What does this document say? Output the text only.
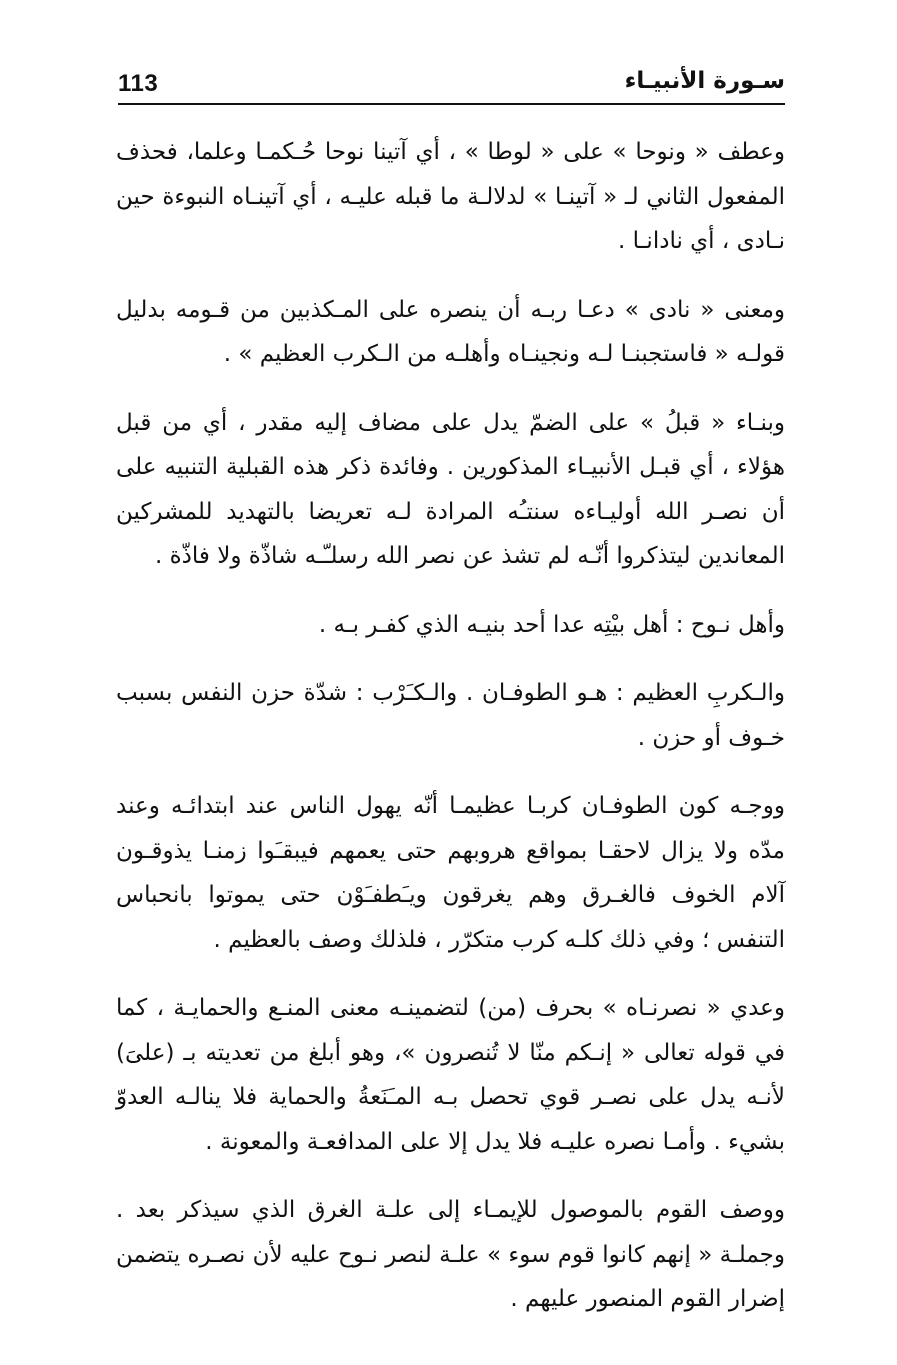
113	سـورة الأنبيـاء

وعطف « ونوحا » على « لوطا » ، أي آتينا نوحا حُـكمـا وعلما، فحذف المفعول الثاني لـ « آتينـا » لدلالـة ما قبله عليـه ، أي آتينـاه النبوءة حين نـادى ، أي نادانـا .

ومعنى « نادى » دعـا ربـه أن ينصره على المـكذبين من قـومه بدليل قولـه « فاستجبنـا لـه ونجينـاه وأهلـه من الـكرب العظيم » .

وبنـاء « قبلُ » على الضمّ يدل على مضاف إليه مقدر ، أي من قبل هؤلاء ، أي قبـل الأنبيـاء المذكورين . وفائدة ذكر هذه القبلية التنبيه على أن نصـر الله أوليـاءه سنتـُه المرادة لـه تعريضا بالتهديد للمشركين المعاندين ليتذكروا أنّـه لم تشذ عن نصر الله رسلـّـه شاذّة ولا فاذّة .

وأهل نـوح : أهل بيْتِه عدا أحد بنيـه الذي كفـر بـه .

والـكربِ العظيم : هـو الطوفـان . والـكـَرْب : شدّة حزن النفس بسبب خـوف أو حزن .

ووجـه كون الطوفـان كربـا عظيمـا أنّه يهول الناس عند ابتدائـه وعند مدّه ولا يزال لاحقـا بمواقع هروبهم حتى يعمهم فيبقـَوا زمنـا يذوقـون آلام الخوف فالغـرق وهم يغرقون ويـَطفـَوْن حتى يموتوا بانحباس التنفس ؛ وفي ذلك كلـه كرب متكرّر ، فلذلك وصف بالعظيم .

وعدي « نصرنـاه » بحرف (من) لتضمينـه معنى المنـع والحمايـة ، كما في قوله تعالى « إنـكم منّا لا تُنصرون »، وهو أبلغ من تعديته بـ (علىَ) لأنـه يدل على نصـر قوي تحصل بـه المـَنَعةُ والحماية فلا ينالـه العدوّ بشيء . وأمـا نصره عليـه فلا يدل إلا على المدافعـة والمعونة .

ووصف القوم بالموصول للإيمـاء إلى علـة الغرق الذي سيذكر بعد . وجملـة « إنهم كانوا قوم سوء » علـة لنصر نـوح عليه لأن نصـره يتضمن إضرار القوم المنصور عليهم .
